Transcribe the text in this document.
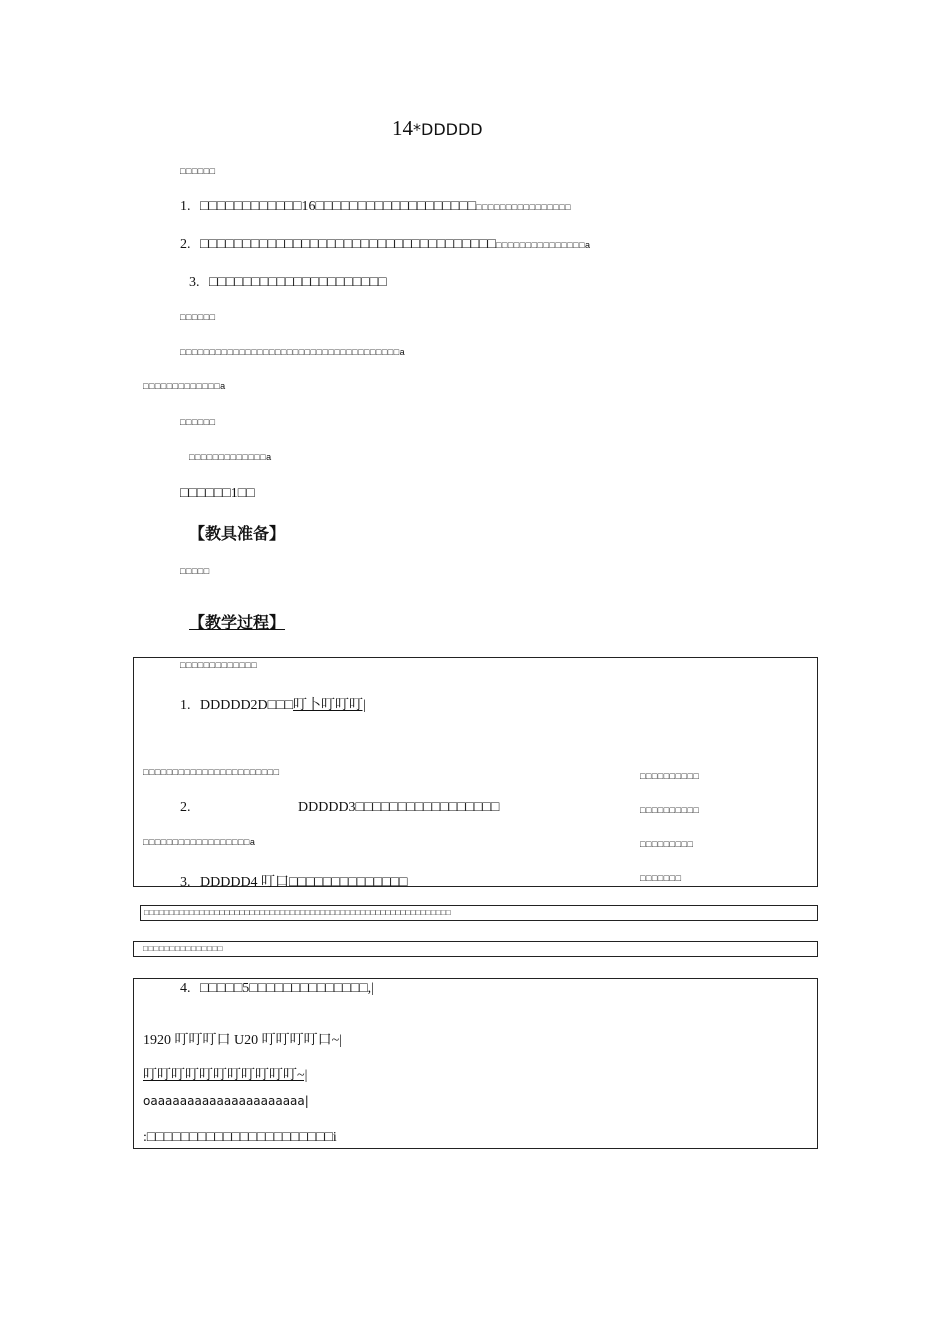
14*DDDDD
□□□□□□
1. □□□□□□□□□□□□16□□□□□□□□□□□□□□□□□□□□□□□□□□□□□□□□□□□
2. □□□□□□□□□□□□□□□□□□□□□□□□□□□□□□□□□□□□□□□□□□□□□□□□□□a
3. □□□□□□□□□□□□□□□□□□□□□
□□□□□□
□□□□□□□□□□□□□□□□□□□□□□□□□□□□□□□□□□□□□a
□□□□□□□□□□□□□a
□□□□□□
□□□□□□□□□□□□□a
□□□□□□1□□
【教具准备】
□□□□□
【教学过程】
□□□□□□□□□□□□□
1. DDDDD2D□□□叮卜叮叮叮|
□□□□□□□□□□□□□□□□□□□□□□□
2.	DDDDD3□□□□□□□□□□□□□□□□□
□□□□□□□□□□□□□□□□□□a
3. DDDDD4 叮口□□□□□□□□□□□□□□
□□□□□□□□□□
□□□□□□□□□□
□□□□□□□□□
□□□□□□□
□□□□□□□□□□□□□□□□□□□□□□□□□□□□□□□□□□□□□□□□□□□□□□□□□□□□□□□□□□□□□
□□□□□□□□□□□□□□□
4. □□□□□5□□□□□□□□□□□□□□,|
1920 叮叮叮口 U20 叮叮叮叮口~|
叮叮叮叮叮叮叮叮叮叮叮~|
oaaaaaaaaaaaaaaaaaaaaa|
:□□□□□□□□□□□□□□□□□□□□□□i
